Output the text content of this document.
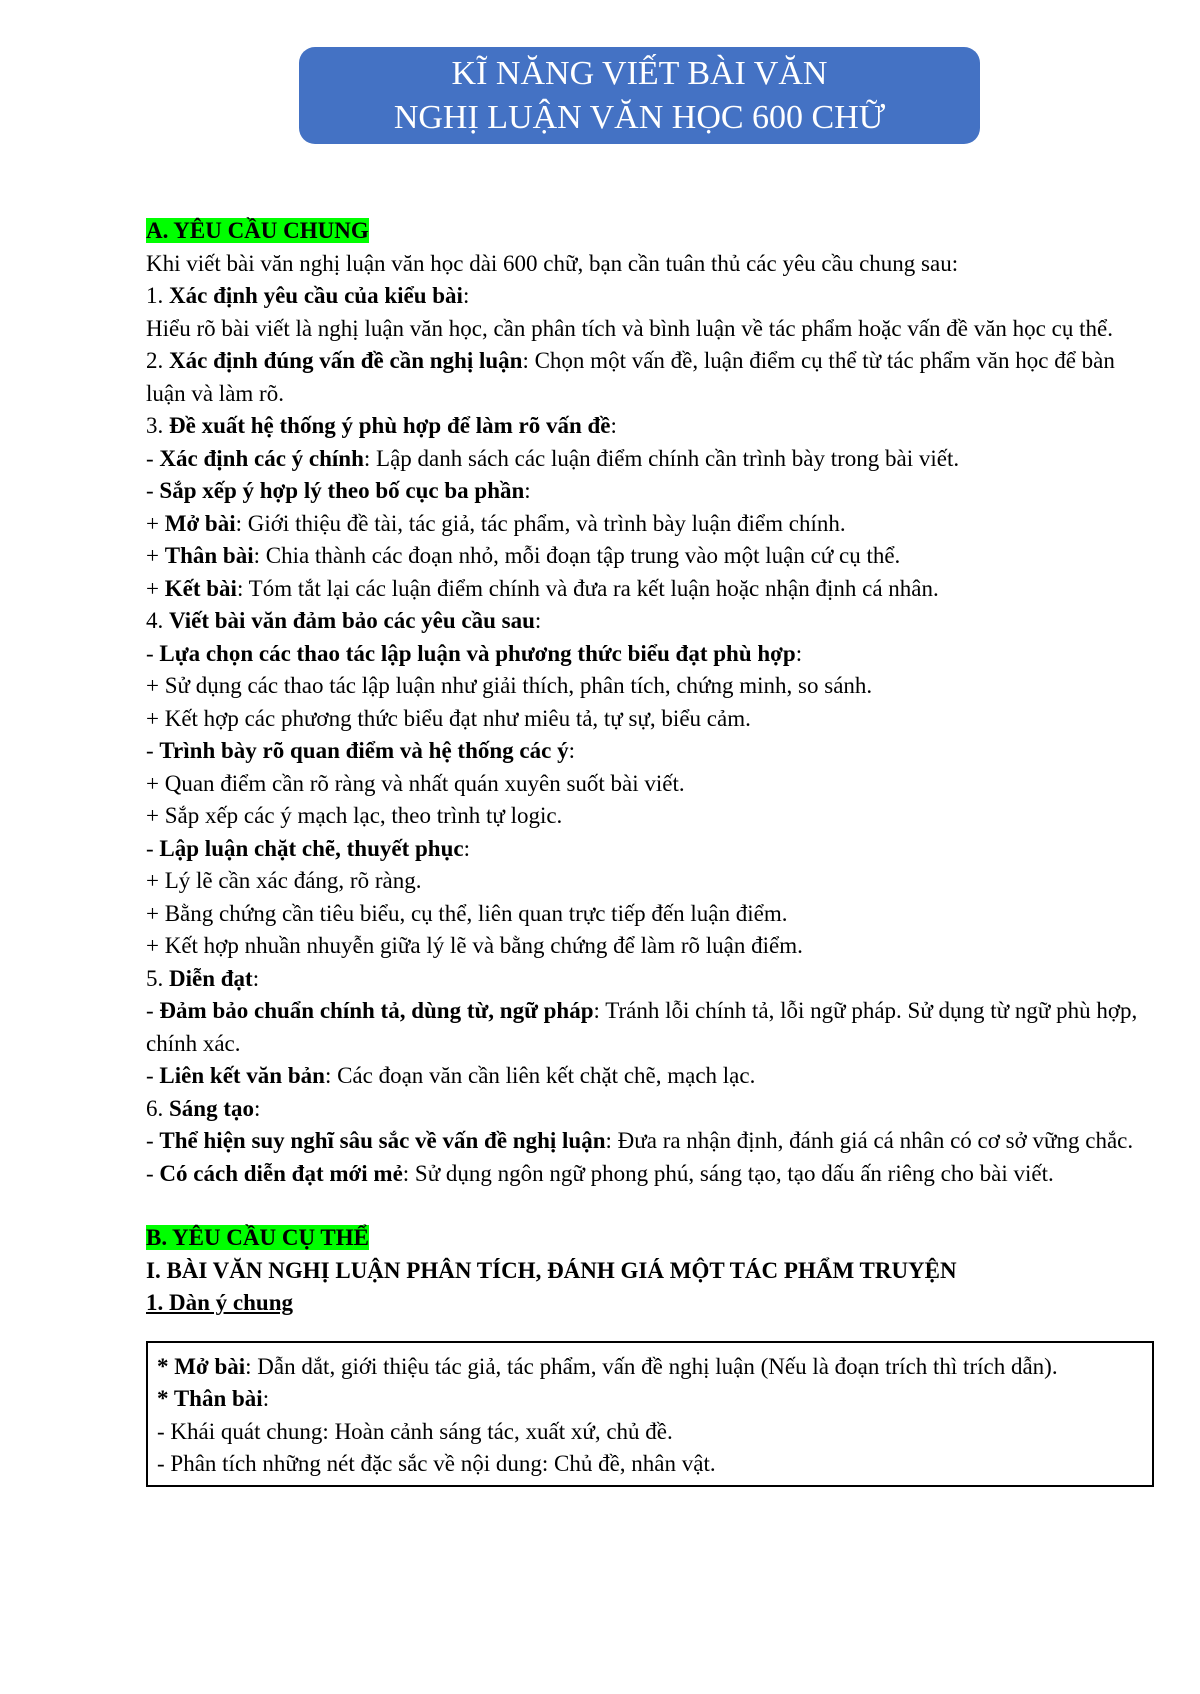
KĨ NĂNG VIẾT BÀI VĂN
NGHỊ LUẬN VĂN HỌC 600 CHỮ

A. YÊU CẦU CHUNG

Khi viết bài văn nghị luận văn học dài 600 chữ, bạn cần tuân thủ các yêu cầu chung sau:

1. Xác định yêu cầu của kiểu bài:

Hiểu rõ bài viết là nghị luận văn học, cần phân tích và bình luận về tác phẩm hoặc vấn đề văn học cụ thể.

2. Xác định đúng vấn đề cần nghị luận: Chọn một vấn đề, luận điểm cụ thể từ tác phẩm văn học để bàn luận và làm rõ.

3. Đề xuất hệ thống ý phù hợp để làm rõ vấn đề:

- Xác định các ý chính: Lập danh sách các luận điểm chính cần trình bày trong bài viết.

- Sắp xếp ý hợp lý theo bố cục ba phần:

+ Mở bài: Giới thiệu đề tài, tác giả, tác phẩm, và trình bày luận điểm chính.

+ Thân bài: Chia thành các đoạn nhỏ, mỗi đoạn tập trung vào một luận cứ cụ thể.

+ Kết bài: Tóm tắt lại các luận điểm chính và đưa ra kết luận hoặc nhận định cá nhân.

4. Viết bài văn đảm bảo các yêu cầu sau:

- Lựa chọn các thao tác lập luận và phương thức biểu đạt phù hợp:

+ Sử dụng các thao tác lập luận như giải thích, phân tích, chứng minh, so sánh.

+ Kết hợp các phương thức biểu đạt như miêu tả, tự sự, biểu cảm.

- Trình bày rõ quan điểm và hệ thống các ý:

+ Quan điểm cần rõ ràng và nhất quán xuyên suốt bài viết.

+ Sắp xếp các ý mạch lạc, theo trình tự logic.

- Lập luận chặt chẽ, thuyết phục:

+ Lý lẽ cần xác đáng, rõ ràng.

+ Bằng chứng cần tiêu biểu, cụ thể, liên quan trực tiếp đến luận điểm.

+ Kết hợp nhuần nhuyễn giữa lý lẽ và bằng chứng để làm rõ luận điểm.

5. Diễn đạt:

- Đảm bảo chuẩn chính tả, dùng từ, ngữ pháp: Tránh lỗi chính tả, lỗi ngữ pháp. Sử dụng từ ngữ phù hợp, chính xác.

- Liên kết văn bản: Các đoạn văn cần liên kết chặt chẽ, mạch lạc.

6. Sáng tạo:

- Thể hiện suy nghĩ sâu sắc về vấn đề nghị luận: Đưa ra nhận định, đánh giá cá nhân có cơ sở vững chắc.

- Có cách diễn đạt mới mẻ: Sử dụng ngôn ngữ phong phú, sáng tạo, tạo dấu ấn riêng cho bài viết.

B. YÊU CẦU CỤ THỂ

I. BÀI VĂN NGHỊ LUẬN PHÂN TÍCH, ĐÁNH GIÁ MỘT TÁC PHẨM TRUYỆN

1. Dàn ý chung

* Mở bài: Dẫn dắt, giới thiệu tác giả, tác phẩm, vấn đề nghị luận (Nếu là đoạn trích thì trích dẫn).

* Thân bài:

- Khái quát chung: Hoàn cảnh sáng tác, xuất xứ, chủ đề.

- Phân tích những nét đặc sắc về nội dung: Chủ đề, nhân vật.
